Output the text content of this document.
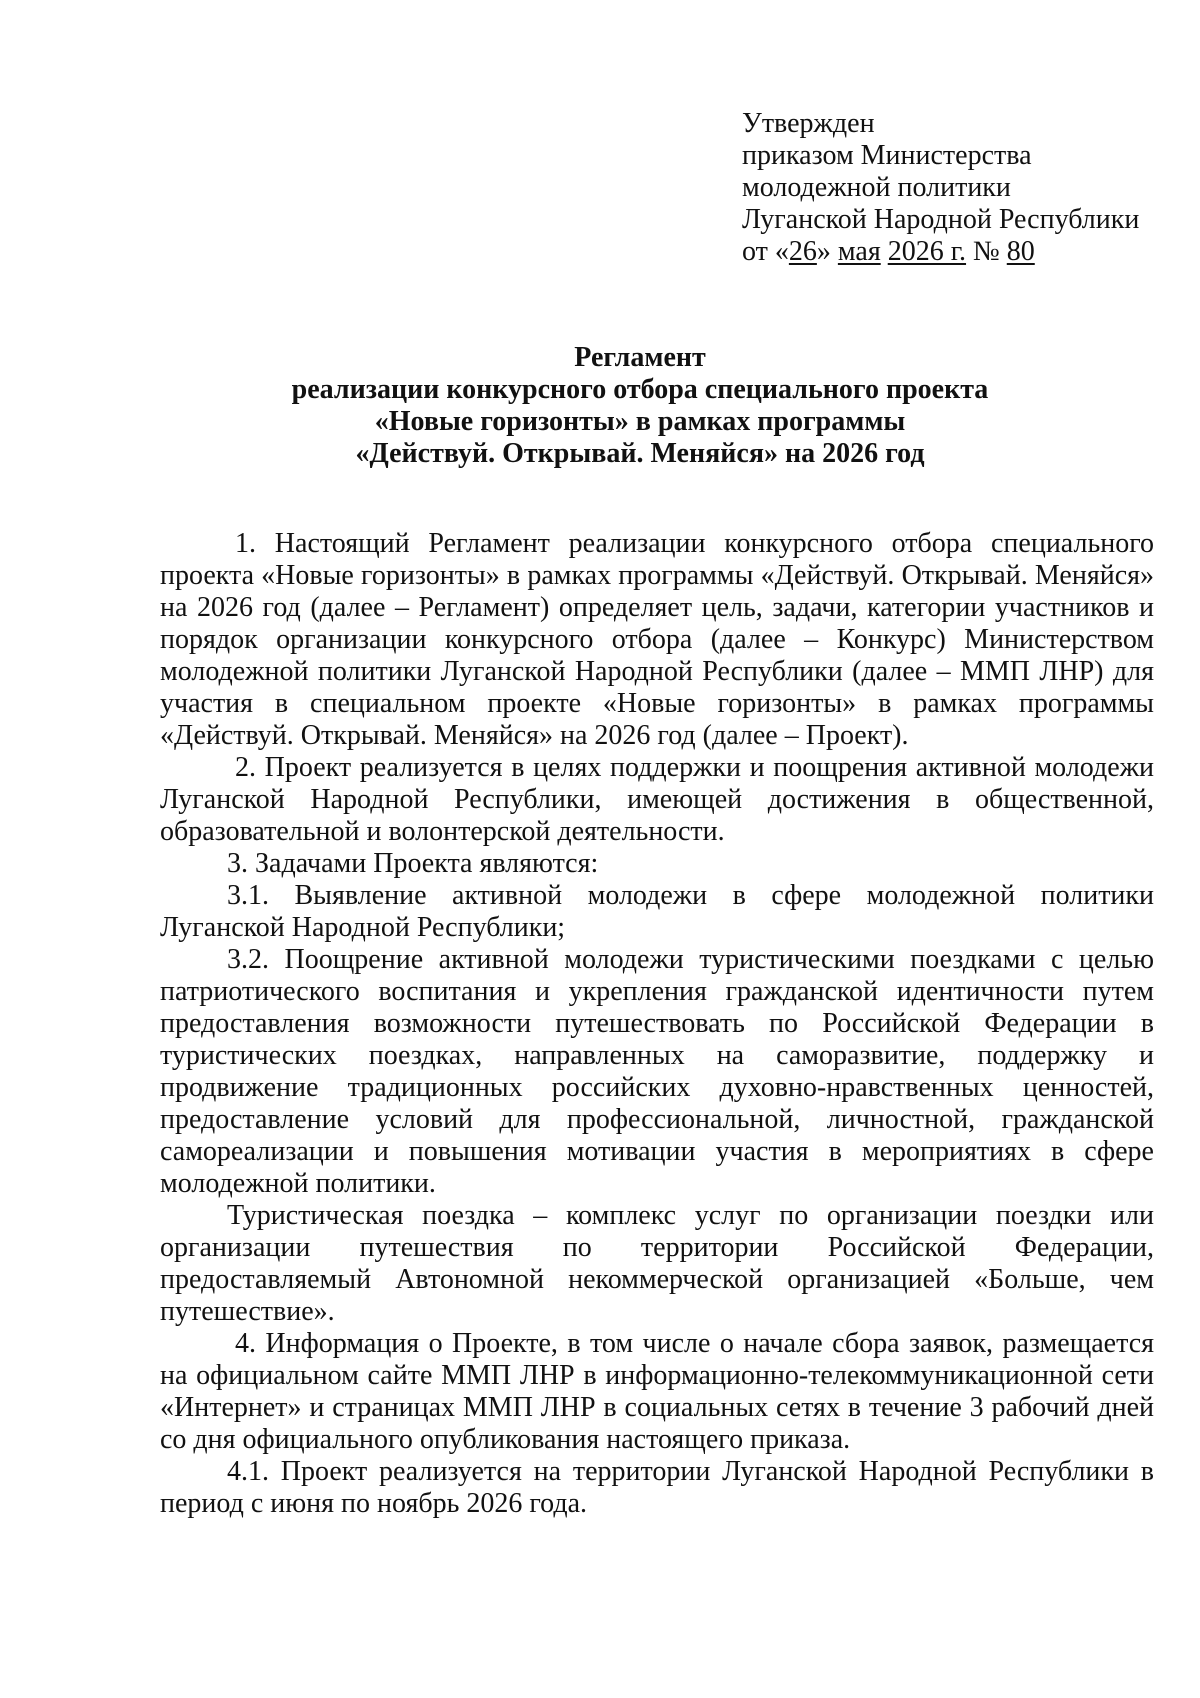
Утвержден
приказом Министерства
молодежной политики
Луганской Народной Республики
от «26» мая 2026 г. № 80
Регламент
реализации конкурсного отбора специального проекта
«Новые горизонты» в рамках программы
«Действуй. Открывай. Меняйся» на 2026 год

1. Настоящий Регламент реализации конкурсного отбора специального проекта «Новые горизонты» в рамках программы «Действуй. Открывай. Меняйся» на 2026 год (далее – Регламент) определяет цель, задачи, категории участников и порядок организации конкурсного отбора (далее – Конкурс) Министерством молодежной политики Луганской Народной Республики (далее – ММП ЛНР) для участия в специальном проекте «Новые горизонты» в рамках программы «Действуй. Открывай. Меняйся» на 2026 год (далее – Проект).

2. Проект реализуется в целях поддержки и поощрения активной молодежи Луганской Народной Республики, имеющей достижения в общественной, образовательной и волонтерской деятельности.

3. Задачами Проекта являются:

3.1. Выявление активной молодежи в сфере молодежной политики Луганской Народной Республики;

3.2. Поощрение активной молодежи туристическими поездками с целью патриотического воспитания и укрепления гражданской идентичности путем предоставления возможности путешествовать по Российской Федерации в туристических поездках, направленных на саморазвитие, поддержку и продвижение традиционных российских духовно-нравственных ценностей, предоставление условий для профессиональной, личностной, гражданской самореализации и повышения мотивации участия в мероприятиях в сфере молодежной политики.

Туристическая поездка – комплекс услуг по организации поездки или организации путешествия по территории Российской Федерации, предоставляемый Автономной некоммерческой организацией «Больше, чем путешествие».

4. Информация о Проекте, в том числе о начале сбора заявок, размещается на официальном сайте ММП ЛНР в информационно-телекоммуникационной сети «Интернет» и страницах ММП ЛНР в социальных сетях в течение 3 рабочий дней со дня официального опубликования настоящего приказа.

4.1. Проект реализуется на территории Луганской Народной Республики в период с июня по ноябрь 2026 года.
